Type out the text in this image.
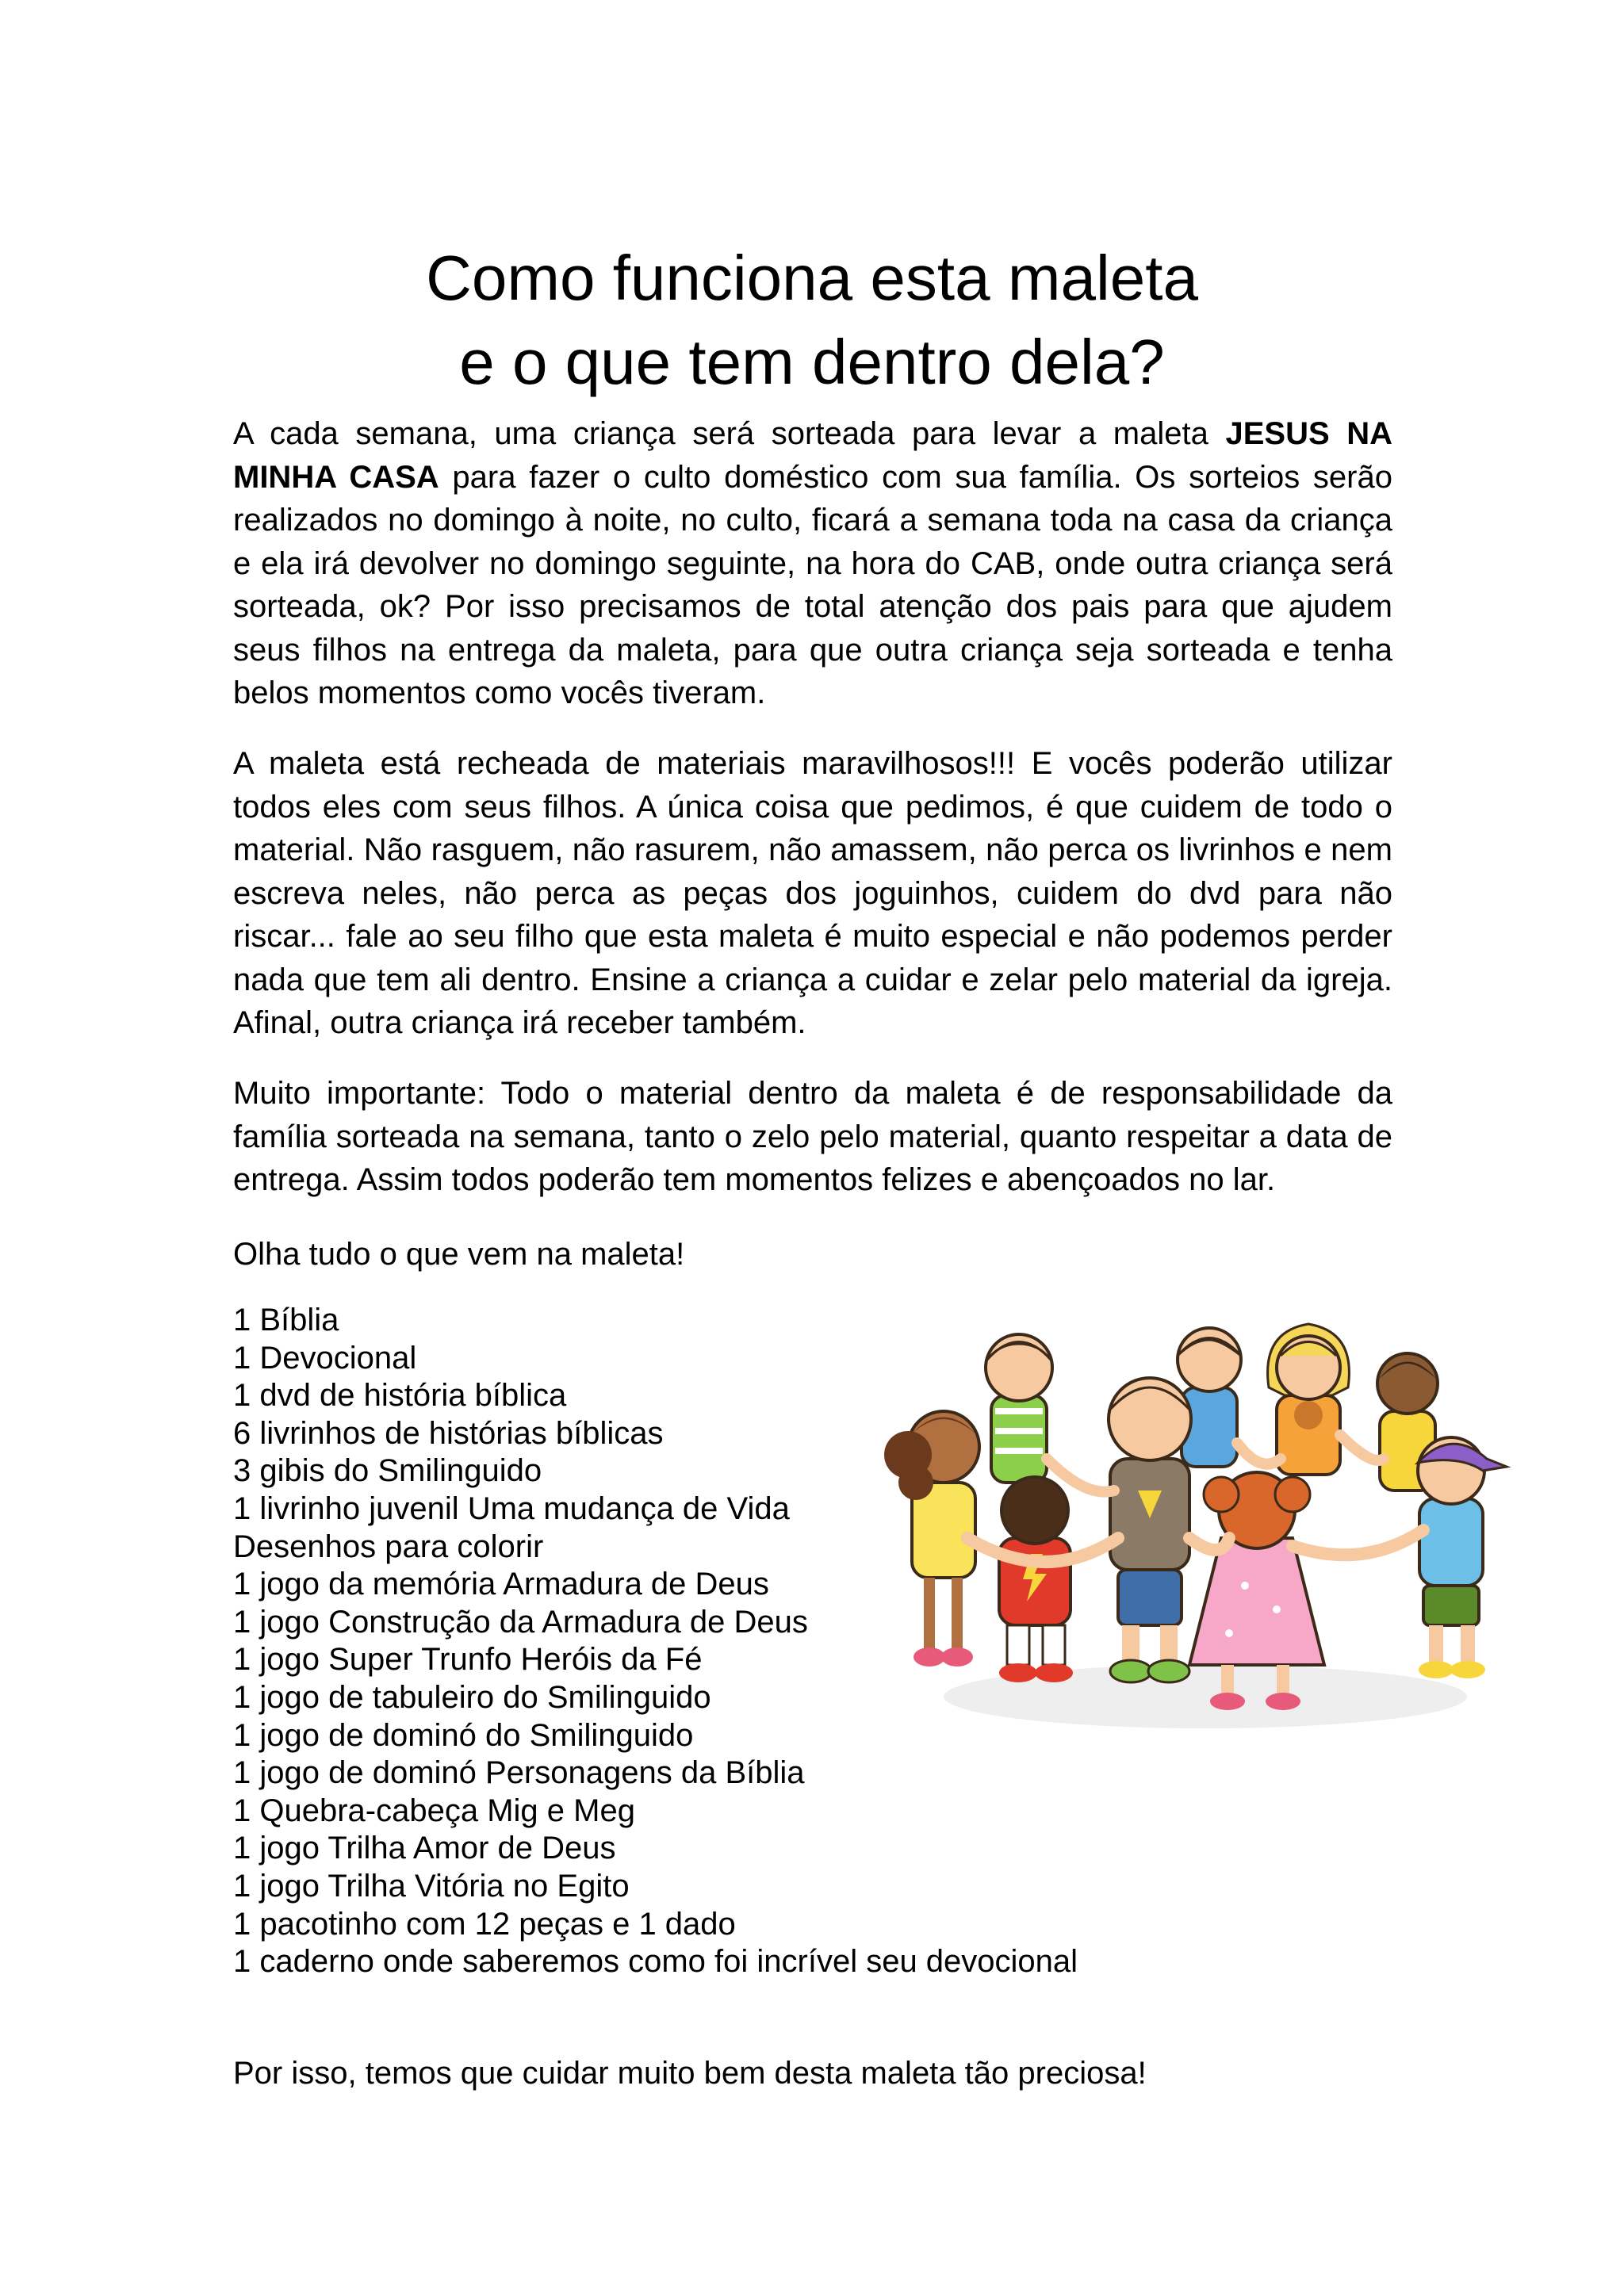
Como funciona esta maleta
e o que tem dentro dela?

A cada semana, uma criança será sorteada para levar a maleta JESUS NA MINHA CASA para fazer o culto doméstico com sua família. Os sorteios serão realizados no domingo à noite, no culto, ficará a semana toda na casa da criança e ela irá devolver no domingo seguinte, na hora do CAB, onde outra criança será sorteada, ok? Por isso precisamos de total atenção dos pais para que ajudem seus filhos na entrega da maleta, para que outra criança seja sorteada e tenha belos momentos como vocês tiveram.

A maleta está recheada de materiais maravilhosos!!! E vocês poderão utilizar todos eles com seus filhos. A única coisa que pedimos, é que cuidem de todo o material. Não rasguem, não rasurem, não amassem, não perca os livrinhos e nem escreva neles, não perca as peças dos joguinhos, cuidem do dvd para não riscar... fale ao seu filho que esta maleta é muito especial e não podemos perder nada que tem ali dentro. Ensine a criança a cuidar e zelar pelo material da igreja. Afinal, outra criança irá receber também.

Muito importante: Todo o material dentro da maleta é de responsabilidade da família sorteada na semana, tanto o zelo pelo material, quanto respeitar a data de entrega. Assim todos poderão tem momentos felizes e abençoados no lar.

Olha tudo o que vem na maleta!

1 Bíblia
1 Devocional
1 dvd de história bíblica
6 livrinhos de histórias bíblicas
3 gibis do Smilinguido
1 livrinho juvenil Uma mudança de Vida
Desenhos para colorir
1 jogo da memória Armadura de Deus
1 jogo Construção da Armadura de Deus
1 jogo Super Trunfo Heróis da Fé
1 jogo de tabuleiro do Smilinguido
1 jogo de dominó do Smilinguido
1 jogo de dominó Personagens da Bíblia
1 Quebra-cabeça Mig e Meg
1 jogo Trilha Amor de Deus
1 jogo Trilha Vitória no Egito
1 pacotinho com 12 peças e 1 dado
1 caderno onde saberemos como foi incrível seu devocional

Por isso, temos que cuidar muito bem desta maleta tão preciosa!
